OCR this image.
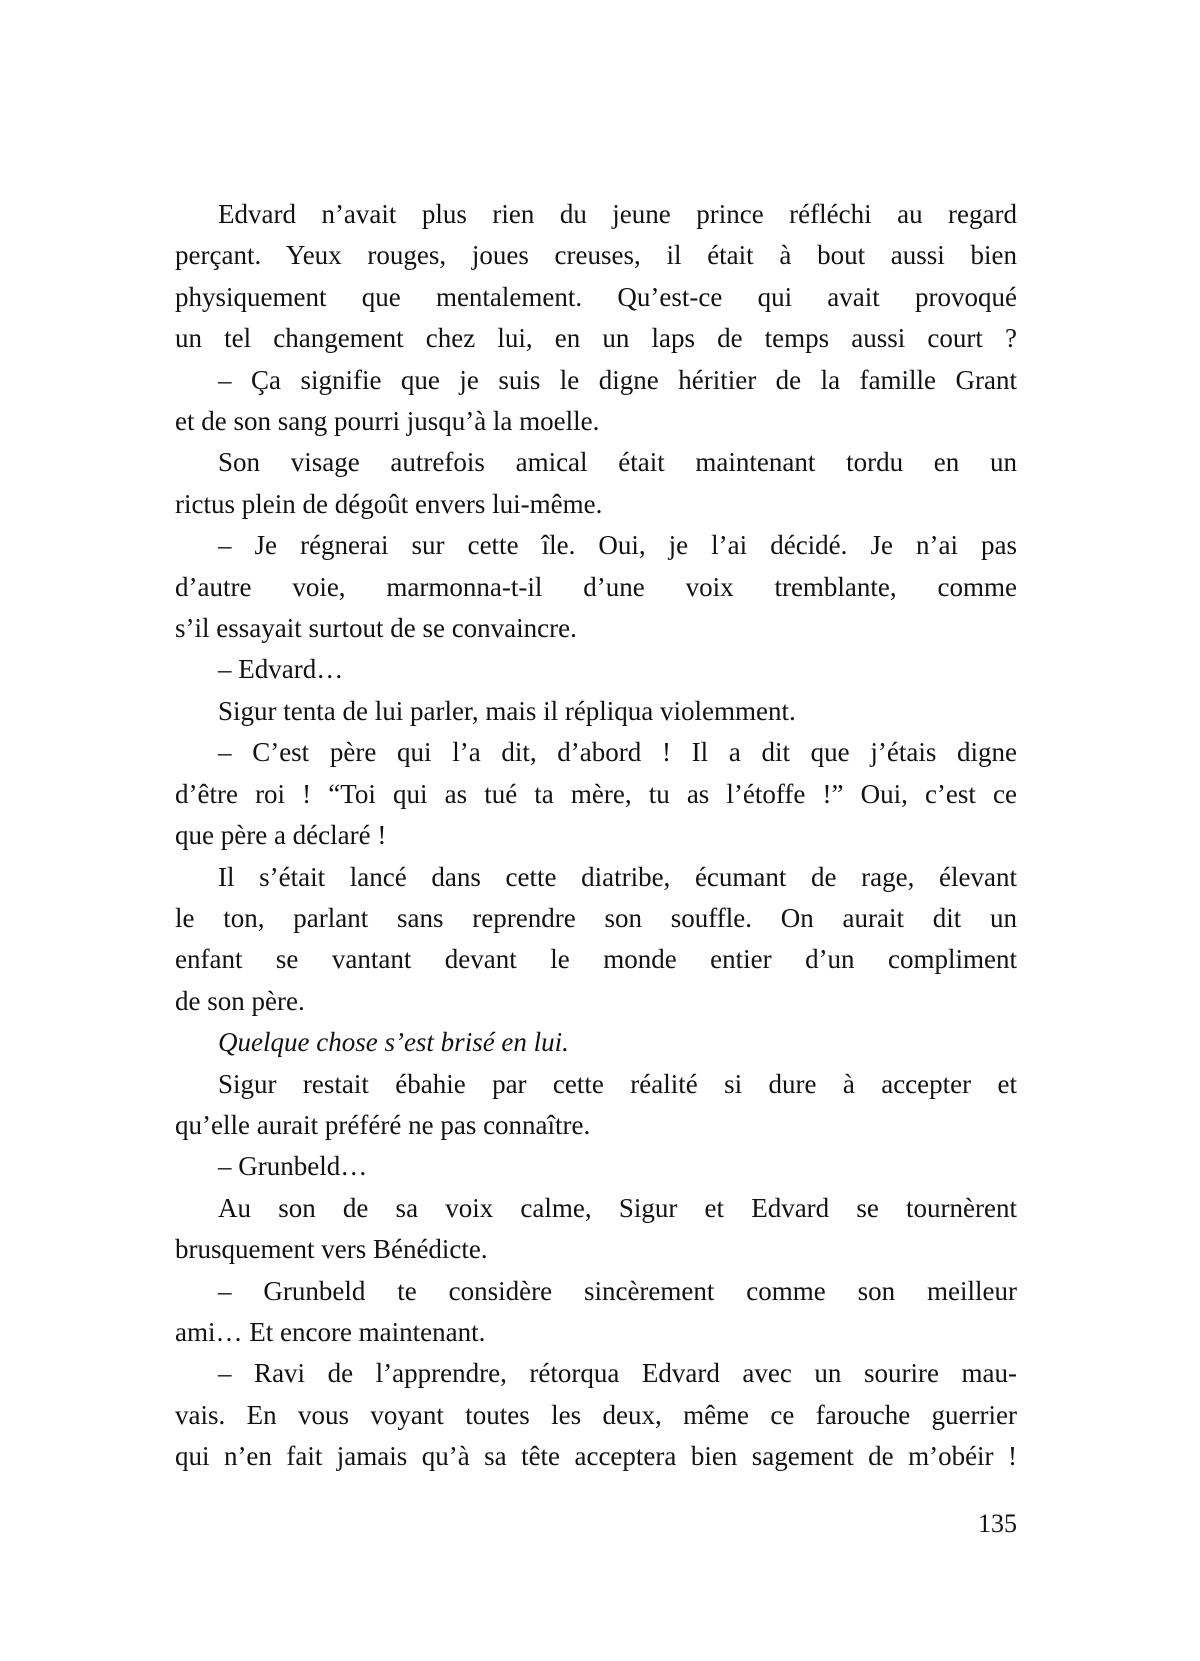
Edvard n’avait plus rien du jeune prince réfléchi au regard
perçant. Yeux rouges, joues creuses, il était à bout aussi bien
physiquement que mentalement. Qu’est-ce qui avait provoqué
un tel changement chez lui, en un laps de temps aussi court ?

– Ça signifie que je suis le digne héritier de la famille Grant
et de son sang pourri jusqu’à la moelle.

Son visage autrefois amical était maintenant tordu en un
rictus plein de dégoût envers lui-même.

– Je régnerai sur cette île. Oui, je l’ai décidé. Je n’ai pas
d’autre voie, marmonna-t-il d’une voix tremblante, comme
s’il essayait surtout de se convaincre.

– Edvard…

Sigur tenta de lui parler, mais il répliqua violemment.

– C’est père qui l’a dit, d’abord ! Il a dit que j’étais digne
d’être roi ! “Toi qui as tué ta mère, tu as l’étoffe !” Oui, c’est ce
que père a déclaré !

Il s’était lancé dans cette diatribe, écumant de rage, élevant
le ton, parlant sans reprendre son souffle. On aurait dit un
enfant se vantant devant le monde entier d’un compliment
de son père.

Quelque chose s’est brisé en lui.

Sigur restait ébahie par cette réalité si dure à accepter et
qu’elle aurait préféré ne pas connaître.

– Grunbeld…

Au son de sa voix calme, Sigur et Edvard se tournèrent
brusquement vers Bénédicte.

– Grunbeld te considère sincèrement comme son meilleur
ami… Et encore maintenant.

– Ravi de l’apprendre, rétorqua Edvard avec un sourire mau-
vais. En vous voyant toutes les deux, même ce farouche guerrier
qui n’en fait jamais qu’à sa tête acceptera bien sagement de m’obéir !

135
